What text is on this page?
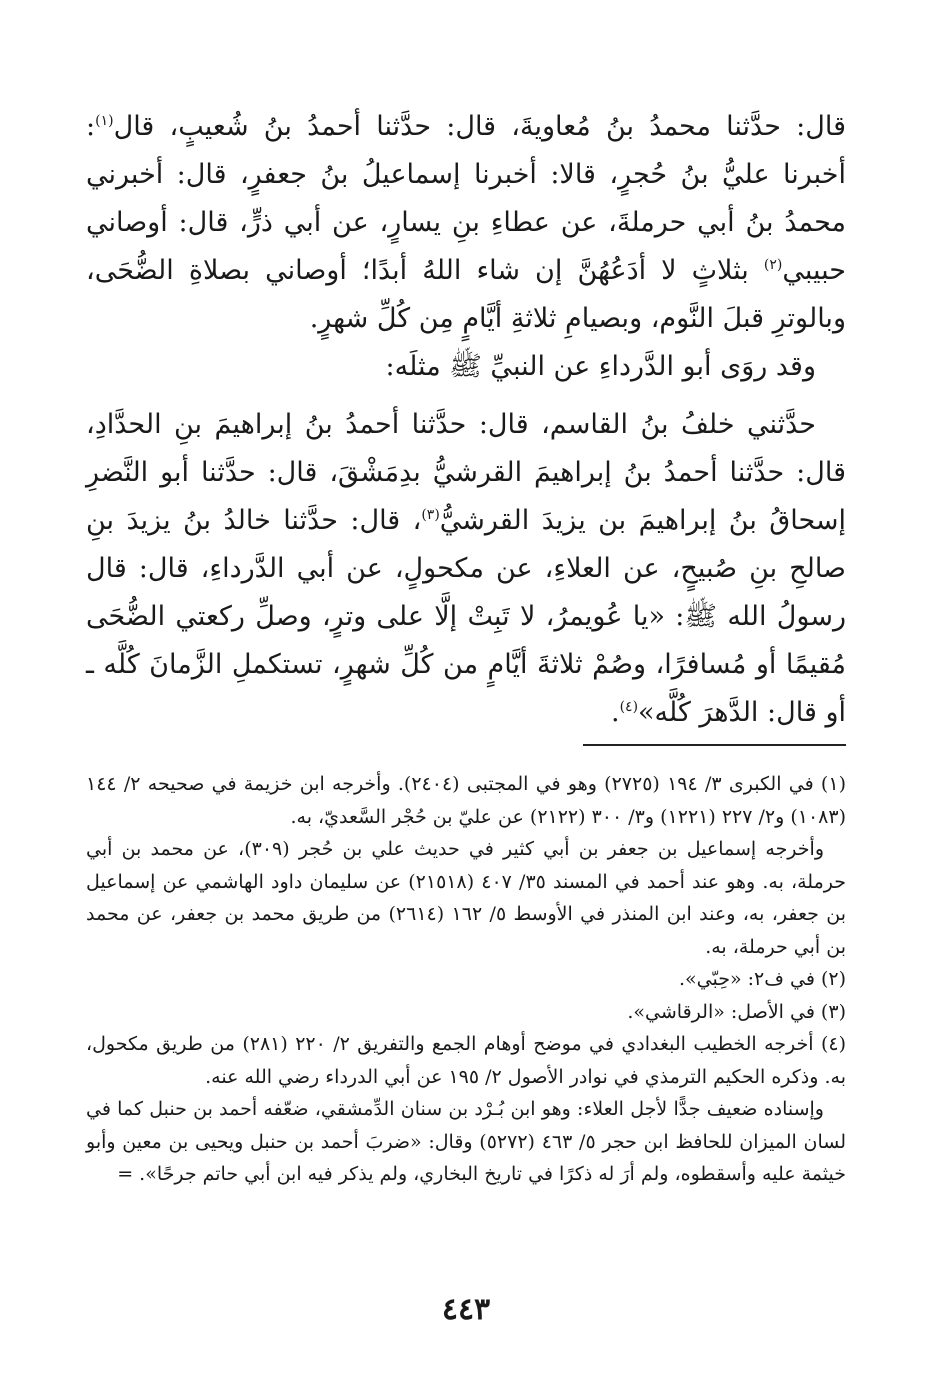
قال: حدَّثنا محمدُ بنُ مُعاويةَ، قال: حدَّثنا أحمدُ بنُ شُعيبٍ، قال$^{(١)}$: أخبرنا عليُّ بنُ حُجرٍ، قالا: أخبرنا إسماعيلُ بنُ جعفرٍ، قال: أخبرني محمدُ بنُ أبي حرملةَ، عن عطاءِ بنِ يسارٍ، عن أبي ذرٍّ، قال: أوصاني حبيبي$^{(٢)}$ بثلاثٍ لا أدَعُهُنَّ إن شاء اللهُ أبدًا؛ أوصاني بصلاةِ الضُّحَى، وبالوترِ قبلَ النَّوم، وبصيامِ ثلاثةِ أيَّامٍ مِن كُلِّ شهرٍ.

وقد روَى أبو الدَّرداءِ عن النبيِّ ﷺ مثلَه:

حدَّثني خلفُ بنُ القاسم، قال: حدَّثنا أحمدُ بنُ إبراهيمَ بنِ الحدَّادِ، قال: حدَّثنا أحمدُ بنُ إبراهيمَ القرشيُّ بدِمَشْقَ، قال: حدَّثنا أبو النَّضرِ إسحاقُ بنُ إبراهيمَ بن يزيدَ القرشيُّ$^{(٣)}$، قال: حدَّثنا خالدُ بنُ يزيدَ بنِ صالحِ بنِ صُبيحٍ، عن العلاءِ، عن مكحولٍ، عن أبي الدَّرداءِ، قال: قال رسولُ الله ﷺ: «يا عُويمرُ، لا تَبِتْ إلَّا على وترٍ، وصلِّ ركعتي الضُّحَى مُقيمًا أو مُسافرًا، وصُمْ ثلاثةَ أيَّامٍ من كُلِّ شهرٍ، تستكملِ الزَّمانَ كُلَّه ـ أو قال: الدَّهرَ كُلَّه»$^{(٤)}$.

(١) في الكبرى ٣/ ١٩٤ (٢٧٢٥) وهو في المجتبى (٢٤٠٤). وأخرجه ابن خزيمة في صحيحه ٢/ ١٤٤ (١٠٨٣) و٢/ ٢٢٧ (١٢٢١) و٣/ ٣٠٠ (٢١٢٢) عن عليّ بن حُجْر السَّعديّ، به.

وأخرجه إسماعيل بن جعفر بن أبي كثير في حديث علي بن حُجر (٣٠٩)، عن محمد بن أبي حرملة، به. وهو عند أحمد في المسند ٣٥/ ٤٠٧ (٢١٥١٨) عن سليمان داود الهاشمي عن إسماعيل بن جعفر، به، وعند ابن المنذر في الأوسط ٥/ ١٦٢ (٢٦١٤) من طريق محمد بن جعفر، عن محمد بن أبي حرملة، به.

(٢) في ف٢: «حِبّي».

(٣) في الأصل: «الرقاشي».

(٤) أخرجه الخطيب البغدادي في موضح أوهام الجمع والتفريق ٢/ ٢٢٠ (٢٨١) من طريق مكحول، به. وذكره الحكيم الترمذي في نوادر الأصول ٢/ ١٩٥ عن أبي الدرداء رضي الله عنه.

وإسناده ضعيف جدًّا لأجل العلاء: وهو ابن بُـرْد بن سنان الدِّمشقي، ضعّفه أحمد بن حنبل كما في لسان الميزان للحافظ ابن حجر ٥/ ٤٦٣ (٥٢٧٢) وقال: «ضربَ أحمد بن حنبل ويحيى بن معين وأبو خيثمة عليه وأسقطوه، ولم أرَ له ذكرًا في تاريخ البخاري، ولم يذكر فيه ابن أبي حاتم جرحًا». =

٤٤٣
